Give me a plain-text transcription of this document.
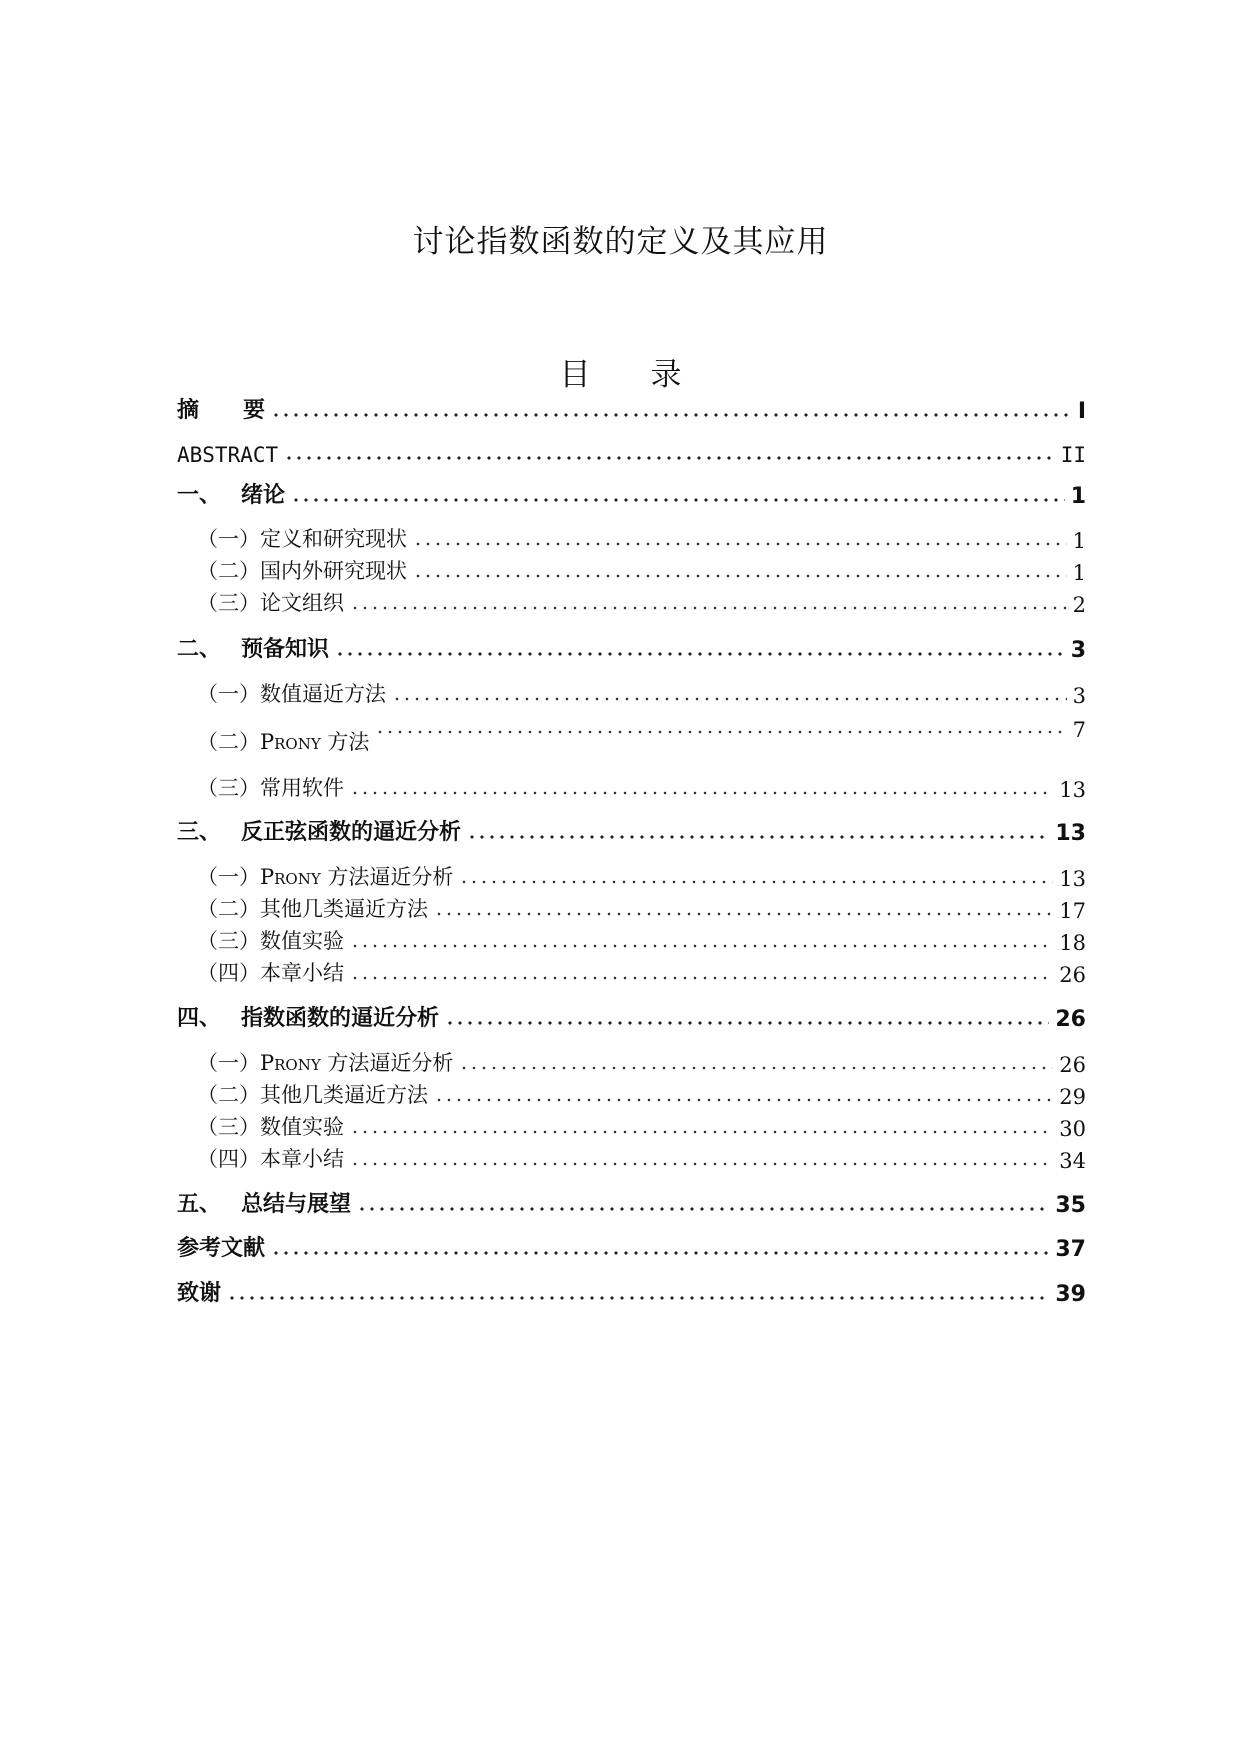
讨论指数函数的定义及其应用
目 录
摘　　要	I
ABSTRACT	II
一、 绪论	1
（一） 定义和研究现状	1
（二） 国内外研究现状	1
（三） 论文组织	2
二、 预备知识	3
（一） 数值逼近方法	3
（二） Prony 方法	7
（三） 常用软件	13
三、 反正弦函数的逼近分析	13
（一） Prony 方法逼近分析	13
（二） 其他几类逼近方法	17
（三） 数值实验	18
（四） 本章小结	26
四、 指数函数的逼近分析	26
（一） Prony 方法逼近分析	26
（二） 其他几类逼近方法	29
（三） 数值实验	30
（四） 本章小结	34
五、 总结与展望	35
参考文献	37
致谢	39
